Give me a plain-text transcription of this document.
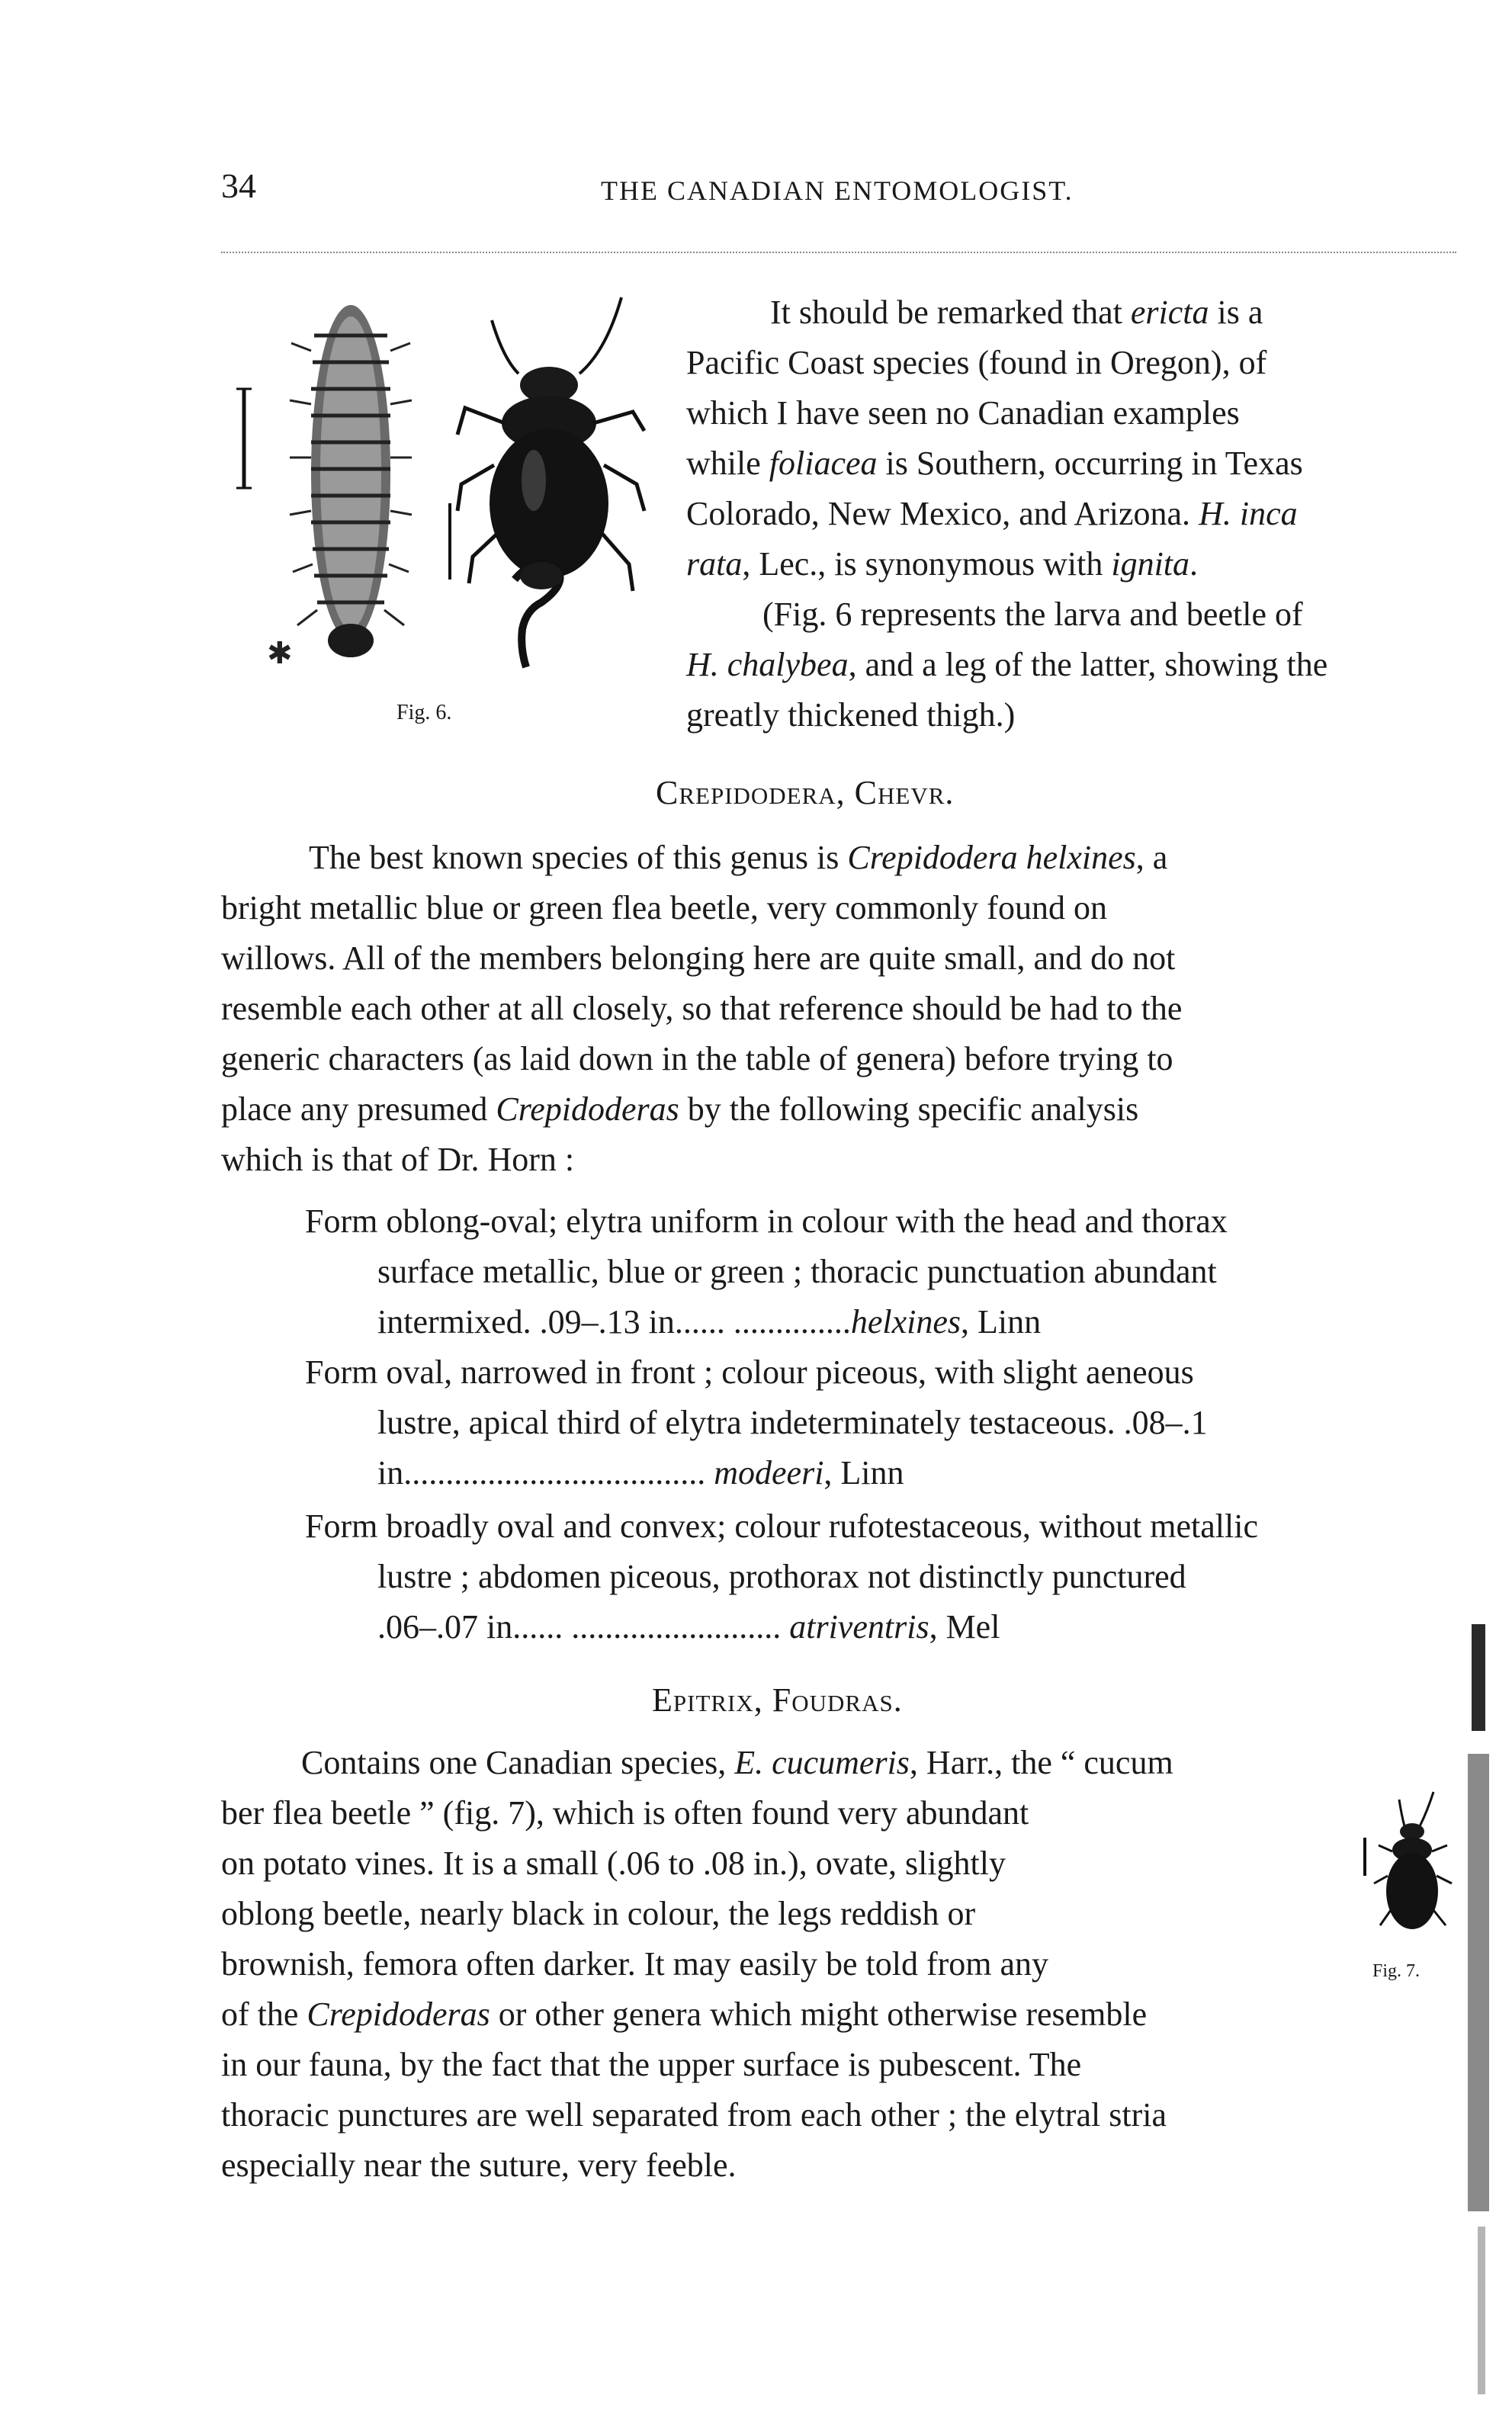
34	THE CANADIAN ENTOMOLOGIST.
✱
Fig. 6.
It should be remarked that ericta is a
Pacific Coast species (found in Oregon), of
which I have seen no Canadian examples
while foliacea is Southern, occurring in Texas
Colorado, New Mexico, and Arizona. H. inca
rata, Lec., is synonymous with ignita.
(Fig. 6 represents the larva and beetle of
H. chalybea, and a leg of the latter, showing the
greatly thickened thigh.)
Crepidodera, Chevr.
The best known species of this genus is Crepidodera helxines, a
bright metallic blue or green flea beetle, very commonly found on
willows. All of the members belonging here are quite small, and do not
resemble each other at all closely, so that reference should be had to the
generic characters (as laid down in the table of genera) before trying to
place any presumed Crepidoderas by the following specific analysis
which is that of Dr. Horn :
Form oblong-oval; elytra uniform in colour with the head and thorax
surface metallic, blue or green ; thoracic punctuation abundant
intermixed. .09–.13 in...... ..............helxines, Linn
Form oval, narrowed in front ; colour piceous, with slight aeneous
lustre, apical third of elytra indeterminately testaceous. .08–.1
in.................................... modeeri, Linn
Form broadly oval and convex; colour rufotestaceous, without metallic
lustre ; abdomen piceous, prothorax not distinctly punctured
.06–.07 in...... ......................... atriventris, Mel
Epitrix, Foudras.
Contains one Canadian species, E. cucumeris, Harr., the “ cucum
ber flea beetle ” (fig. 7), which is often found very abundant
on potato vines. It is a small (.06 to .08 in.), ovate, slightly
oblong beetle, nearly black in colour, the legs reddish or
brownish, femora often darker. It may easily be told from any
of the Crepidoderas or other genera which might otherwise resemble
in our fauna, by the fact that the upper surface is pubescent. The
thoracic punctures are well separated from each other ; the elytral stria
especially near the suture, very feeble.
Fig. 7.
